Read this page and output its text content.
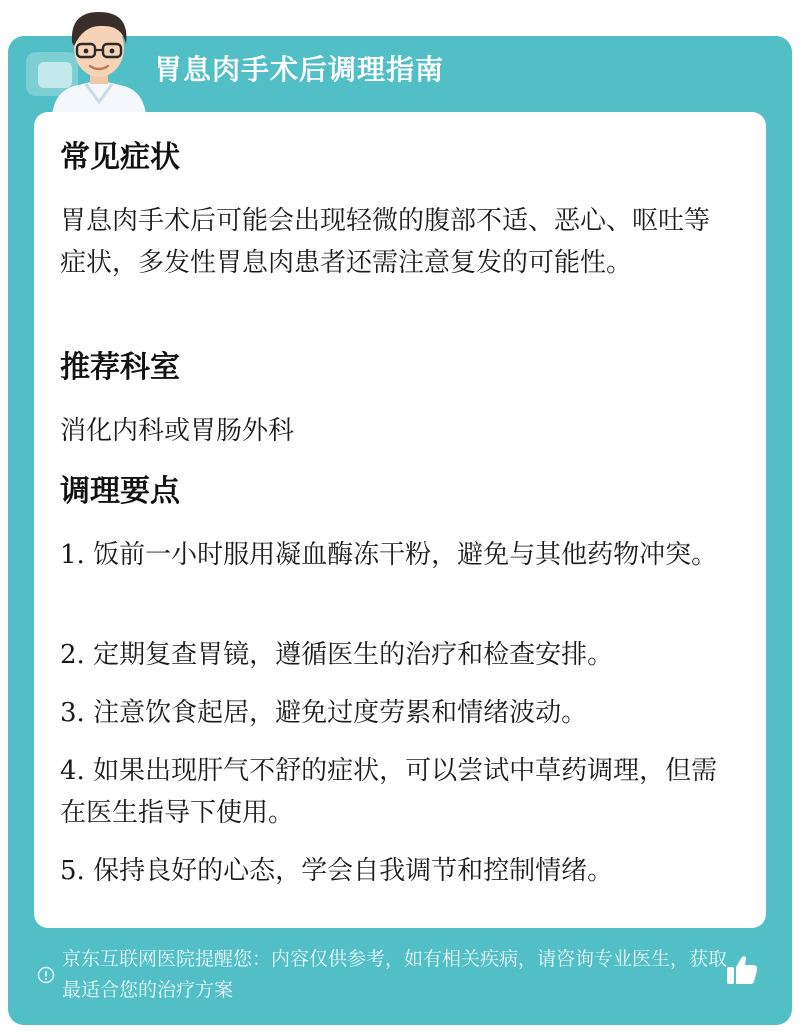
胃息肉手术后调理指南
常见症状
胃息肉手术后可能会出现轻微的腹部不适、恶心、呕吐等症状，多发性胃息肉患者还需注意复发的可能性。
推荐科室
消化内科或胃肠外科
调理要点
1. 饭前一小时服用凝血酶冻干粉，避免与其他药物冲突。
2. 定期复查胃镜，遵循医生的治疗和检查安排。
3. 注意饮食起居，避免过度劳累和情绪波动。
4. 如果出现肝气不舒的症状，可以尝试中草药调理，但需在医生指导下使用。
5. 保持良好的心态，学会自我调节和控制情绪。
京东互联网医院提醒您：内容仅供参考，如有相关疾病，请咨询专业医生，获取最适合您的治疗方案
